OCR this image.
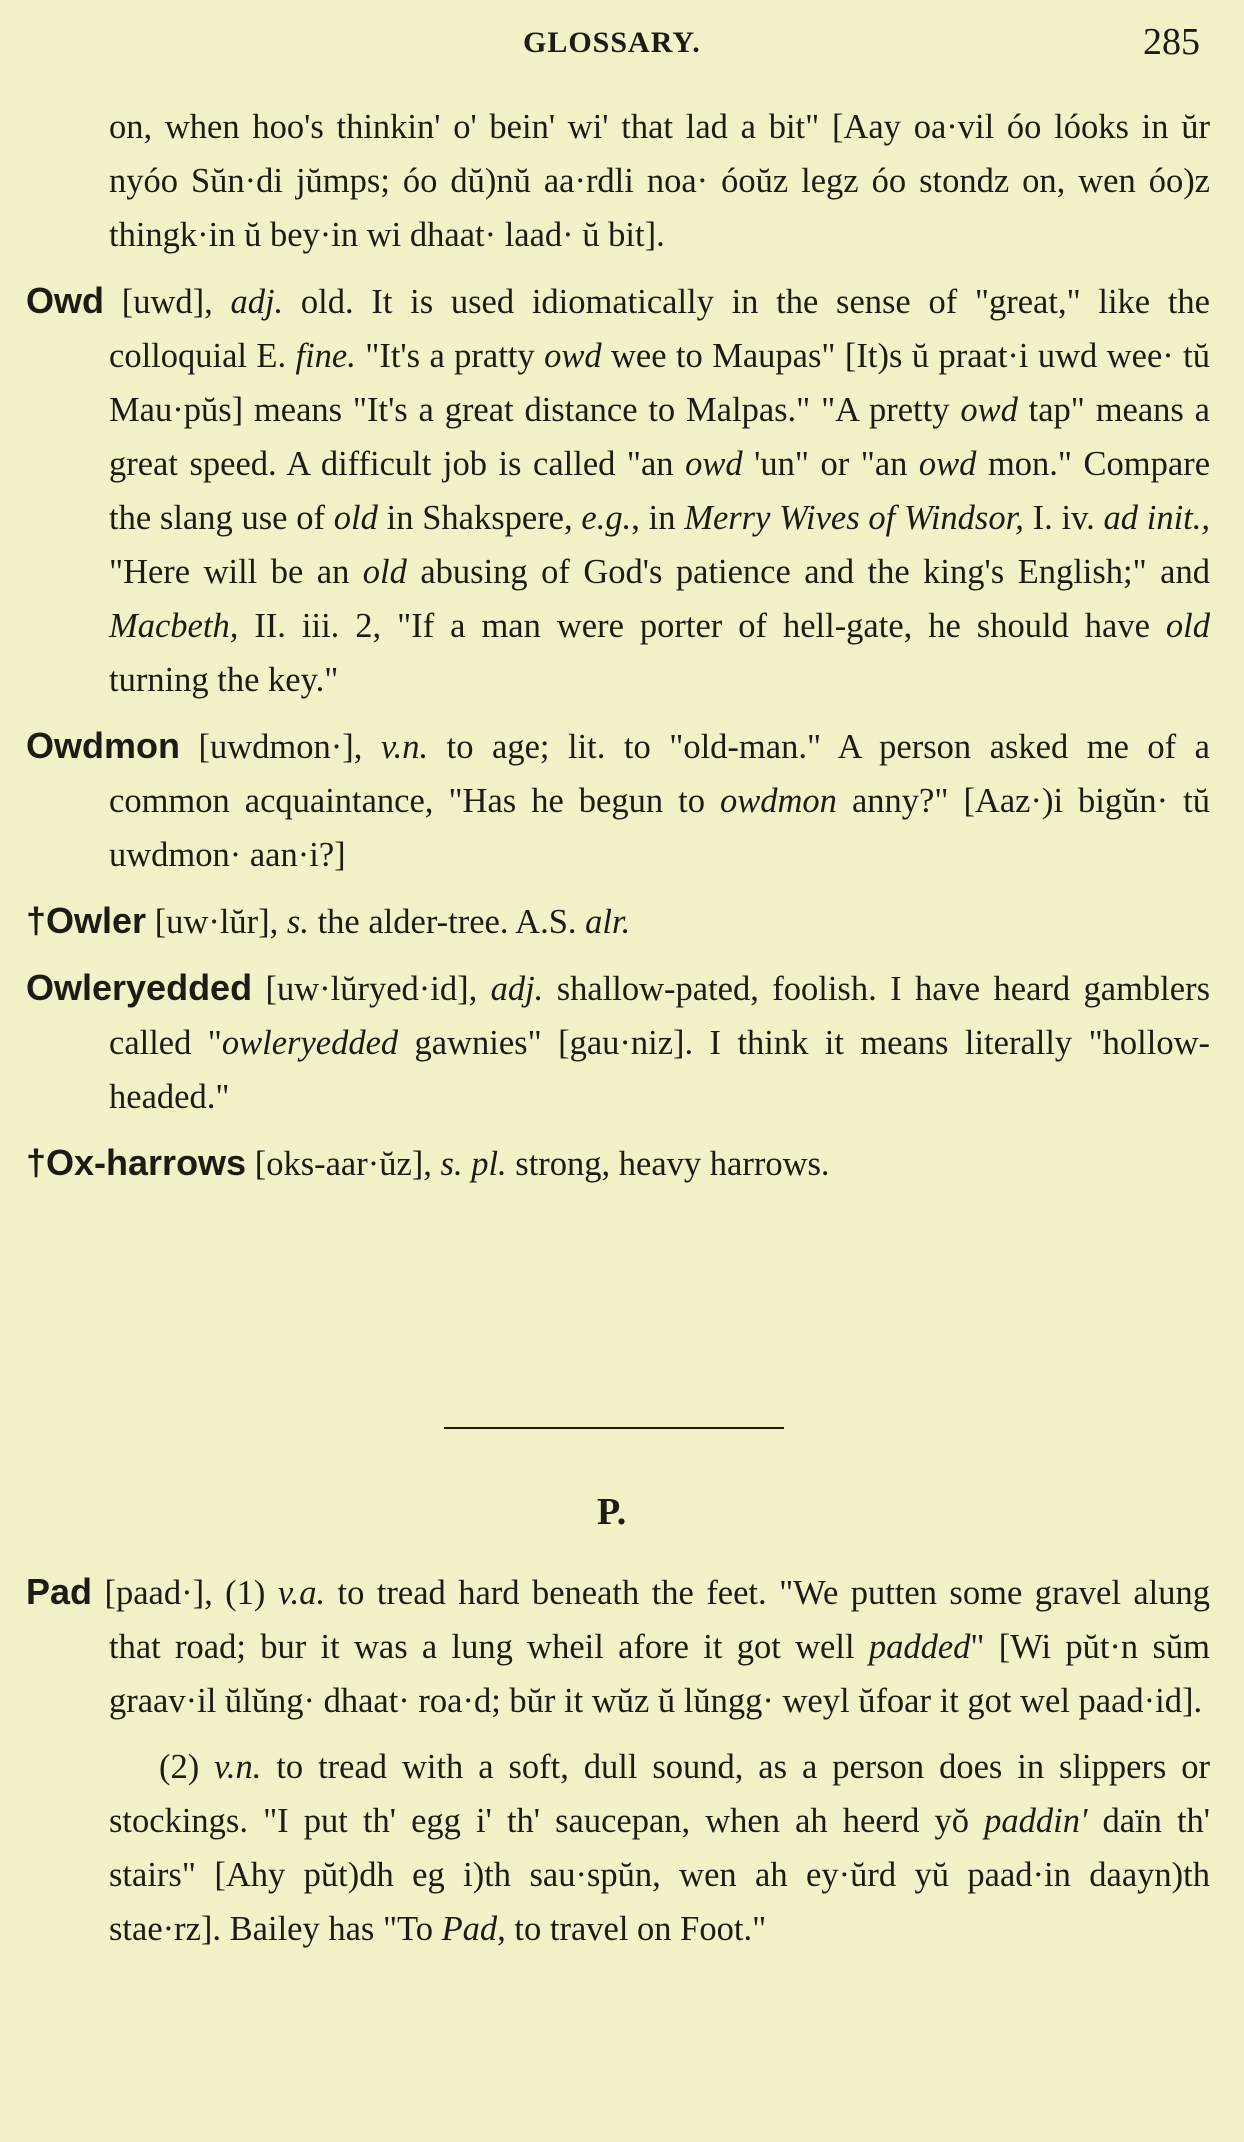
GLOSSARY.	285

on, when hoo's thinkin' o' bein' wi' that lad a bit" [Aay oa·vil óo lóoks in ŭr nyóo Sŭn·di jŭmps; óo dŭ)nŭ aa·rdli noa· óoŭz legz óo stondz on, wen óo)z thingk·in ŭ bey·in wi dhaat· laad· ŭ bit].

Owd [uwd], adj. old. It is used idiomatically in the sense of "great," like the colloquial E. fine. "It's a pratty owd wee to Maupas" [It)s ŭ praat·i uwd wee· tŭ Mau·pŭs] means "It's a great distance to Malpas." "A pretty owd tap" means a great speed. A difficult job is called "an owd 'un" or "an owd mon." Compare the slang use of old in Shakspere, e.g., in Merry Wives of Windsor, I. iv. ad init., "Here will be an old abusing of God's patience and the king's English;" and Macbeth, II. iii. 2, "If a man were porter of hell-gate, he should have old turning the key."

Owdmon [uwdmon·], v.n. to age; lit. to "old-man." A person asked me of a common acquaintance, "Has he begun to owdmon anny?" [Aaz·)i bigŭn· tŭ uwdmon· aan·i?]

†Owler [uw·lŭr], s. the alder-tree. A.S. alr.

Owleryedded [uw·lŭryed·id], adj. shallow-pated, foolish. I have heard gamblers called "owleryedded gawnies" [gau·niz]. I think it means literally "hollow-headed."

†Ox-harrows [oks-aar·ŭz], s. pl. strong, heavy harrows.

P.

Pad [paad·], (1) v.a. to tread hard beneath the feet. "We putten some gravel alung that road; bur it was a lung wheil afore it got well padded" [Wi pŭt·n sŭm graav·il ŭlŭng· dhaat· roa·d; bŭr it wŭz ŭ lŭngg· weyl ŭfoar it got wel paad·id].

(2) v.n. to tread with a soft, dull sound, as a person does in slippers or stockings. "I put th' egg i' th' saucepan, when ah heerd yŏ paddin' daïn th' stairs" [Ahy pŭt)dh eg i)th sau·spŭn, wen ah ey·ŭrd yŭ paad·in daayn)th stae·rz]. Bailey has "To Pad, to travel on Foot."
